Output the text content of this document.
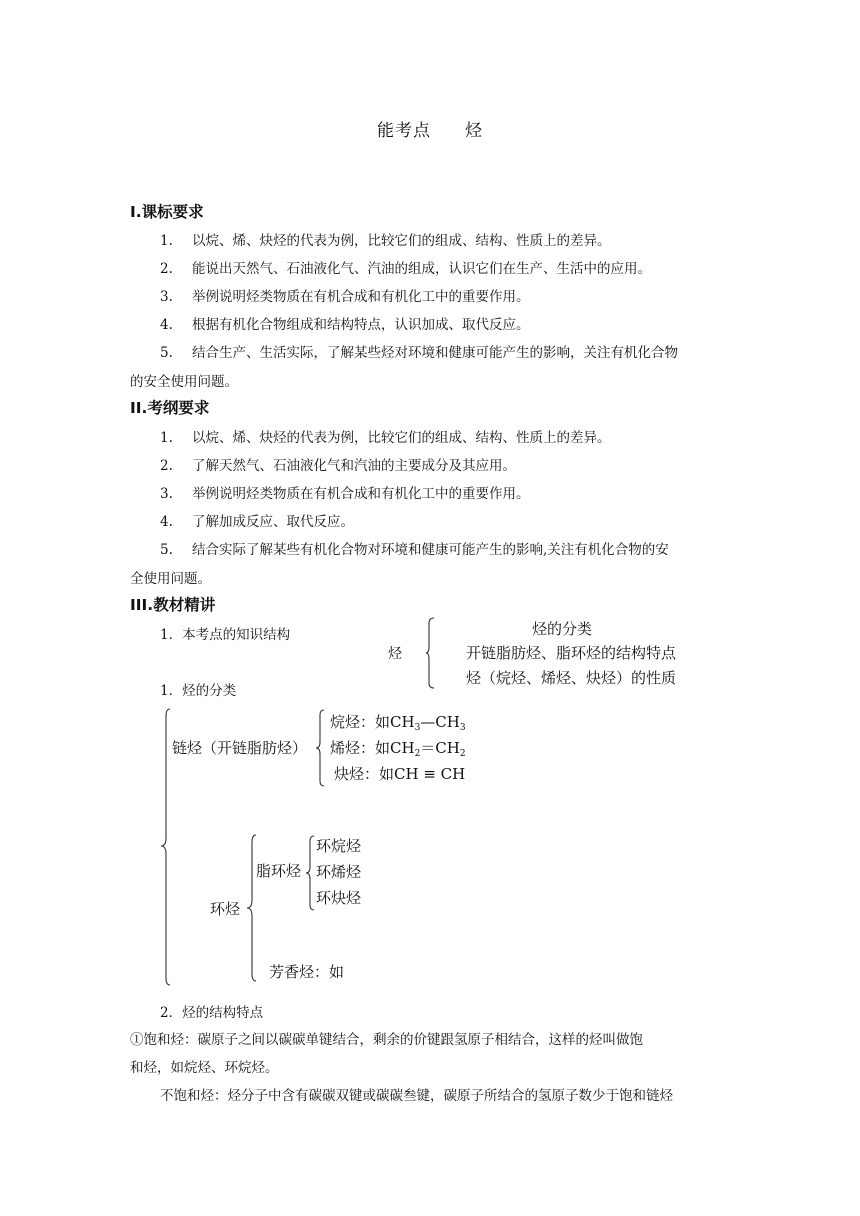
能考点 烃
I.课标要求
1. 以烷、烯、炔烃的代表为例，比较它们的组成、结构、性质上的差异。
2. 能说出天然气、石油液化气、汽油的组成，认识它们在生产、生活中的应用。
3. 举例说明烃类物质在有机合成和有机化工中的重要作用。
4. 根据有机化合物组成和结构特点，认识加成、取代反应。
5. 结合生产、生活实际，了解某些烃对环境和健康可能产生的影响，关注有机化合物
的安全使用问题。
II.考纲要求
1. 以烷、烯、炔烃的代表为例，比较它们的组成、结构、性质上的差异。
2. 了解天然气、石油液化气和汽油的主要成分及其应用。
3. 举例说明烃类物质在有机合成和有机化工中的重要作用。
4. 了解加成反应、取代反应。
5. 结合实际了解某些有机化合物对环境和健康可能产生的影响,关注有机化合物的安
全使用问题。
III.教材精讲
1．本考点的知识结构
烃
烃的分类
开链脂肪烃、脂环烃的结构特点
烃（烷烃、烯烃、炔烃）的性质
1．烃的分类
链烃（开链脂肪烃）
烷烃：如$CH_3—CH_3$
烯烃：如$CH_2=CH_2$
炔烃：如CH ≡ CH
环烃
脂环烃
环烷烃
环烯烃
环炔烃
芳香烃：如
2．烃的结构特点
①饱和烃：碳原子之间以碳碳单键结合，剩余的价键跟氢原子相结合，这样的烃叫做饱
和烃，如烷烃、环烷烃。
不饱和烃：烃分子中含有碳碳双键或碳碳叁键，碳原子所结合的氢原子数少于饱和链烃
